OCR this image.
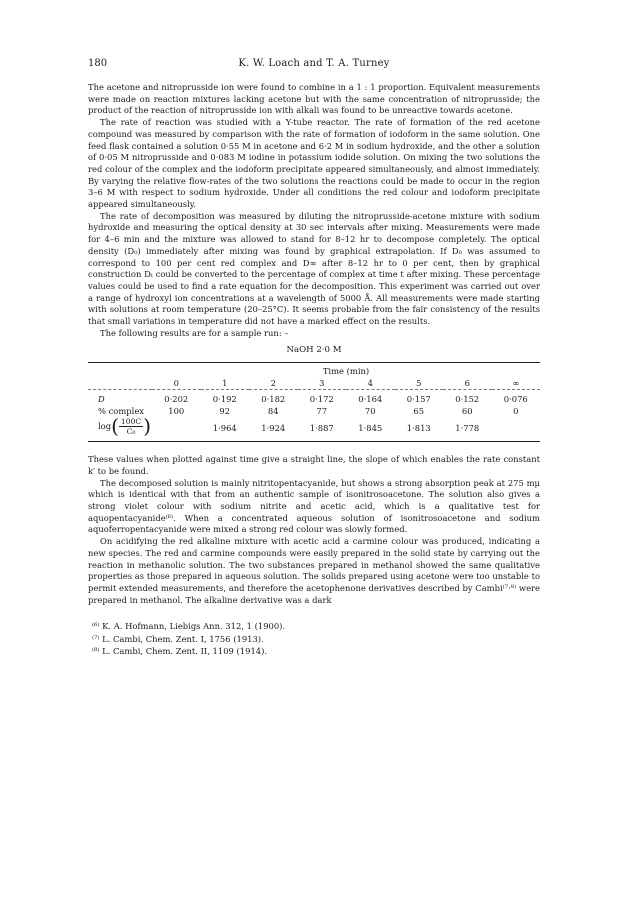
180	K. W. Loach and T. A. Turney

The acetone and nitroprusside ion were found to combine in a 1 : 1 proportion. Equivalent measurements were made on reaction mixtures lacking acetone but with the same concentration of nitroprusside; the product of the reaction of nitroprusside ion with alkali was found to be unreactive towards acetone.

The rate of reaction was studied with a Y-tube reactor. The rate of formation of the red acetone compound was measured by comparison with the rate of formation of iodoform in the same solution. One feed flask contained a solution 0·55 M in acetone and 6·2 M in sodium hydroxide, and the other a solution of 0·05 M nitroprusside and 0·083 M iodine in potassium iodide solution. On mixing the two solutions the red colour of the complex and the iodoform precipitate appeared simultaneously, and almost immediately. By varying the relative flow-rates of the two solutions the reactions could be made to occur in the region 3–6 M with respect to sodium hydroxide. Under all conditions the red colour and iodoform precipitate appeared simultaneously.

The rate of decomposition was measured by diluting the nitroprusside-acetone mixture with sodium hydroxide and measuring the optical density at 30 sec intervals after mixing. Measurements were made for 4–6 min and the mixture was allowed to stand for 8–12 hr to decompose completely. The optical density (D₀) immediately after mixing was found by graphical extrapolation. If D₀ was assumed to correspond to 100 per cent red complex and D∞ after 8–12 hr to 0 per cent, then by graphical construction Dₜ could be converted to the percentage of complex at time t after mixing. These percentage values could be used to find a rate equation for the decomposition. This experiment was carried out over a range of hydroxyl ion concentrations at a wavelength of 5000 Å. All measurements were made starting with solutions at room temperature (20–25°C). It seems probable from the fair consistency of the results that small variations in temperature did not have a marked effect on the results.

The following results are for a sample run: –

NaOH 2·0 M
	Time (min)							
	0	1	2	3	4	5	6	∞
D	0·202	0·192	0·182	0·172	0·164	0·157	0·152	0·076
% complex	100	92	84	77	70	65	60	0
$\log( \frac{100C}{\text{C₀}}$ )		1·964	1·924	1·887	1·845	1·813	1·778	

These values when plotted against time give a straight line, the slope of which enables the rate constant k′ to be found.

The decomposed solution is mainly nitritopentacyanide, but shows a strong absorption peak at 275 mμ which is identical with that from an authentic sample of isonitrosoacetone. The solution also gives a strong violet colour with sodium nitrite and acetic acid, which is a qualitative test for aquopentacyanide⁽⁶⁾. When a concentrated aqueous solution of isonitrosoacetone and sodium aquoferropentacyanide were mixed a strong red colour was slowly formed.

On acidifying the red alkaline mixture with acetic acid a carmine colour was produced, indicating a new species. The red and carmine compounds were easily prepared in the solid state by carrying out the reaction in methanolic solution. The two substances prepared in methanol showed the same qualitative properties as those prepared in aqueous solution. The solids prepared using acetone were too unstable to permit extended measurements, and therefore the acetophenone derivatives described by Cambi⁽⁷·⁸⁾ were prepared in methanol. The alkaline derivative was a dark

⁽⁶⁾ K. A. Hofmann, Liebigs Ann. 312, 1 (1900).
⁽⁷⁾ L. Cambi, Chem. Zent. I, 1756 (1913).
⁽⁸⁾ L. Cambi, Chem. Zent. II, 1109 (1914).
